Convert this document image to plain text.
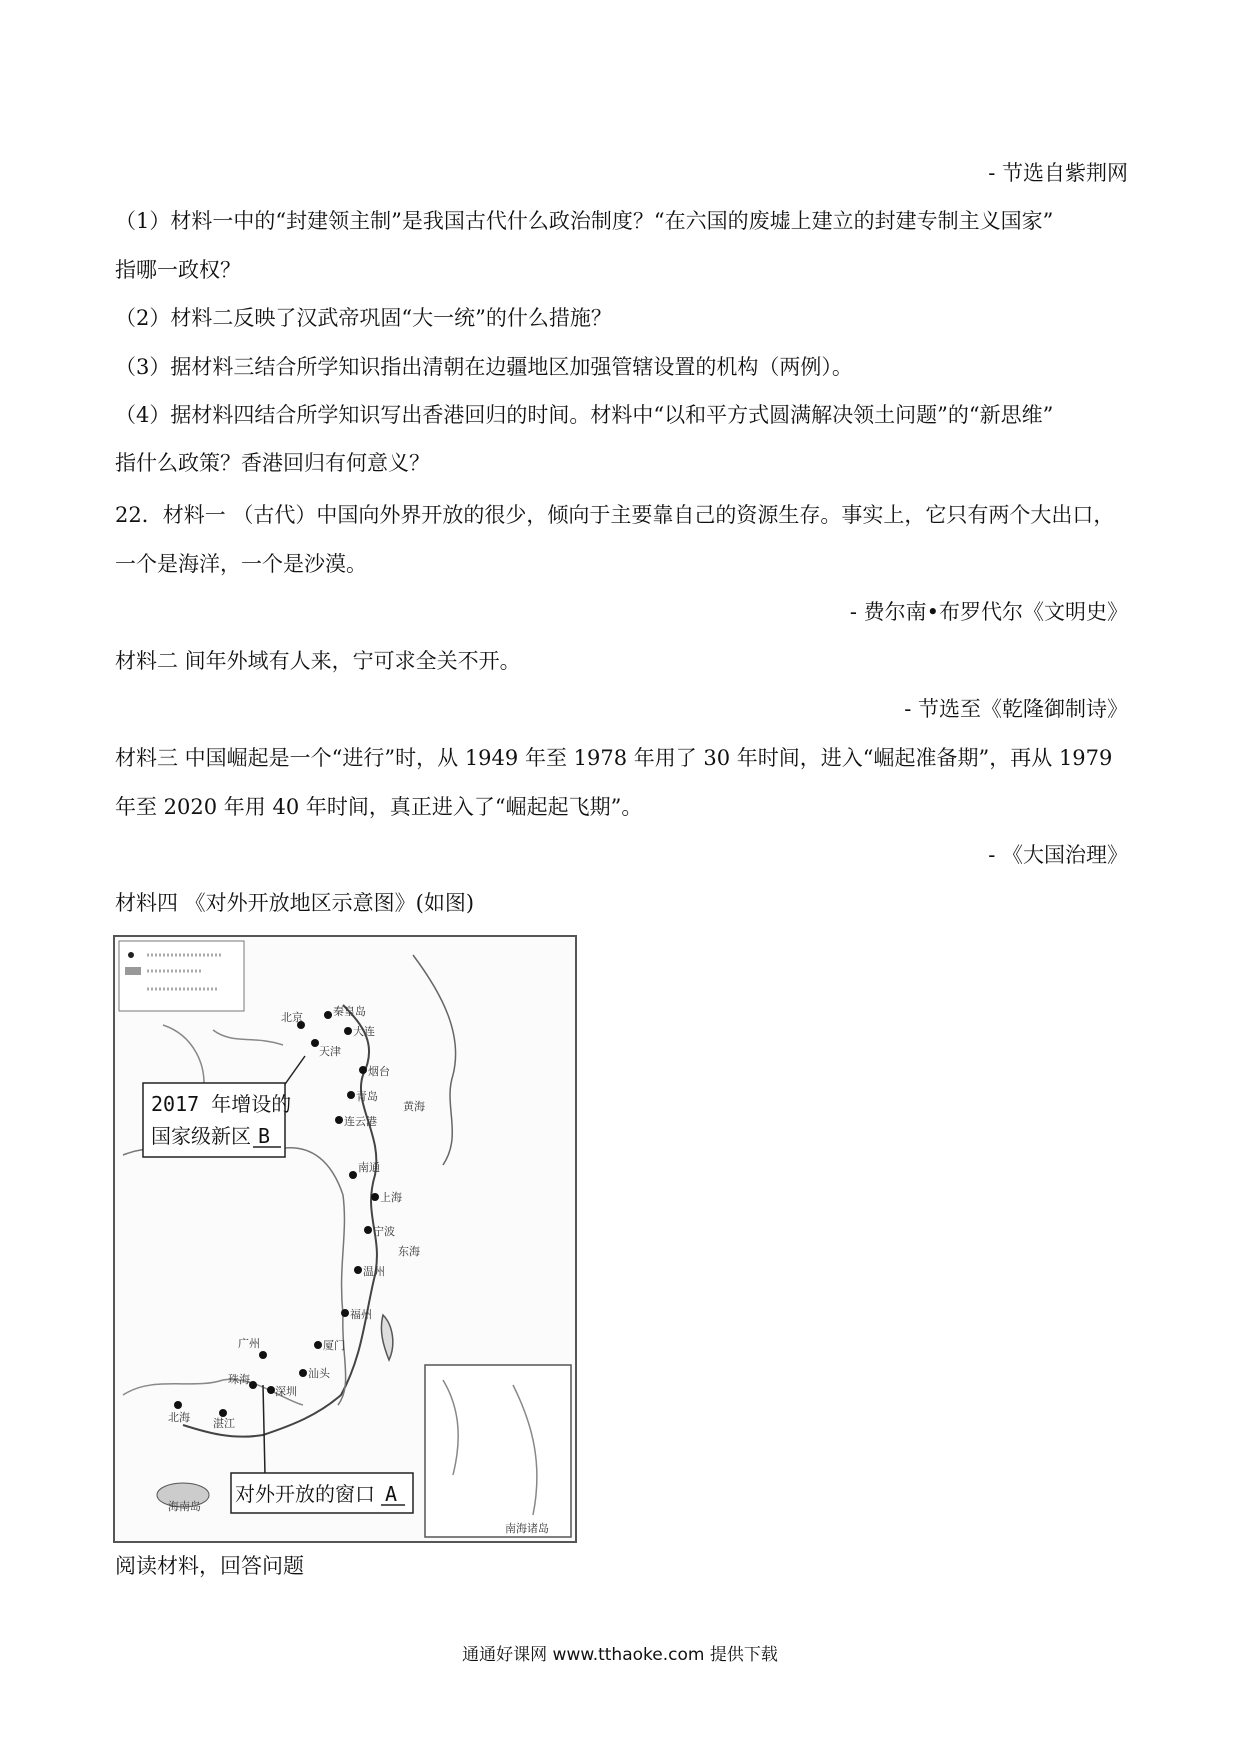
- 节选自紫荆网
（1）材料一中的“封建领主制”是我国古代什么政治制度？“在六国的废墟上建立的封建专制主义国家”
指哪一政权？
（2）材料二反映了汉武帝巩固“大一统”的什么措施？
（3）据材料三结合所学知识指出清朝在边疆地区加强管辖设置的机构（两例）。
（4）据材料四结合所学知识写出香港回归的时间。材料中“以和平方式圆满解决领土问题”的“新思维”
指什么政策？香港回归有何意义？
22．材料一 （古代）中国向外界开放的很少，倾向于主要靠自己的资源生存。事实上，它只有两个大出口，
一个是海洋，一个是沙漠。
- 费尔南•布罗代尔《文明史》
材料二 间年外域有人来，宁可求全关不开。
- 节选至《乾隆御制诗》
材料三 中国崛起是一个“进行”时，从 1949 年至 1978 年用了 30 年时间，进入“崛起准备期”，再从 1979
年至 2020 年用 40 年时间，真正进入了“崛起起飞期”。
- 《大国治理》
材料四 《对外开放地区示意图》(如图)
北京
天津
秦皇岛
大连
烟台
青岛
连云港
南通
上海
宁波
温州
福州
广州
珠海
深圳
汕头
厦门
北海 湛江
海南岛
黄海
东海
2017 年增设的
国家级新区 B
对外开放的窗口 A
南海诸岛
阅读材料，回答问题
通通好课网 www.tthaoke.com 提供下载
